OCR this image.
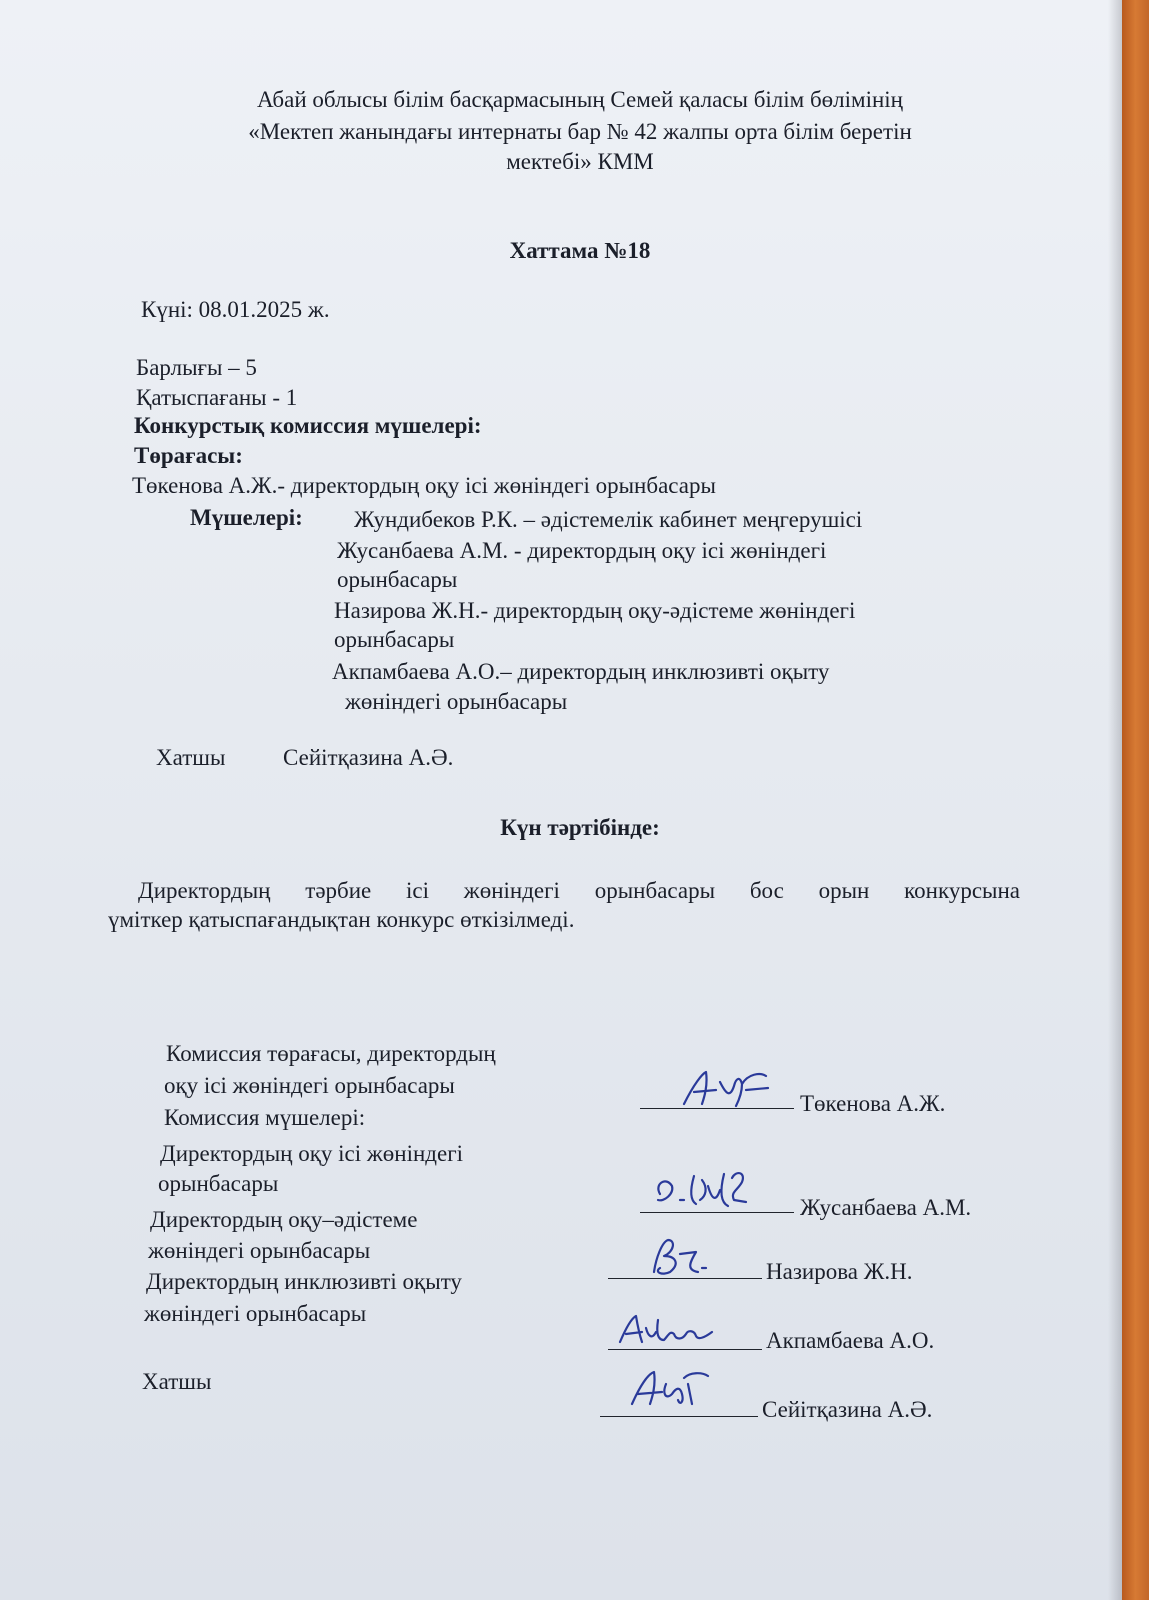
Абай облысы білім басқармасының Семей қаласы білім бөлімінің
«Мектеп жанындағы интернаты бар № 42 жалпы орта білім беретін
мектебі» КММ
Хаттама №18
Күні: 08.01.2025 ж.
Барлығы – 5
Қатыспағаны - 1
Конкурстық комиссия мүшелері:
Төрағасы:
Төкенова А.Ж.- директордың оқу ісі жөніндегі орынбасары
Мүшелері: Жундибеков Р.К. – әдістемелік кабинет меңгерушісі
Жусанбаева А.М. - директордың оқу ісі жөніндегі
орынбасары
Назирова Ж.Н.- директордың оқу-әдістеме жөніндегі
орынбасары
Акпамбаева А.О.– директордың инклюзивті оқыту
жөніндегі орынбасары
Хатшы	Сейітқазина А.Ә.
Күн тәртібінде:
Директордың тәрбие ісі жөніндегі орынбасары бос орын конкурсына
үміткер қатыспағандықтан конкурс өткізілмеді.
Комиссия төрағасы, директордың
оқу ісі жөніндегі орынбасары
Комиссия мүшелері:
Директордың оқу ісі жөніндегі
орынбасары
Директордың оқу–әдістеме
жөніндегі орынбасары
Директордың инклюзивті оқыту
жөніндегі орынбасары
Хатшы
Төкенова А.Ж.
Жусанбаева А.М.
Назирова Ж.Н.
Акпамбаева А.О.
Сейітқазина А.Ә.
